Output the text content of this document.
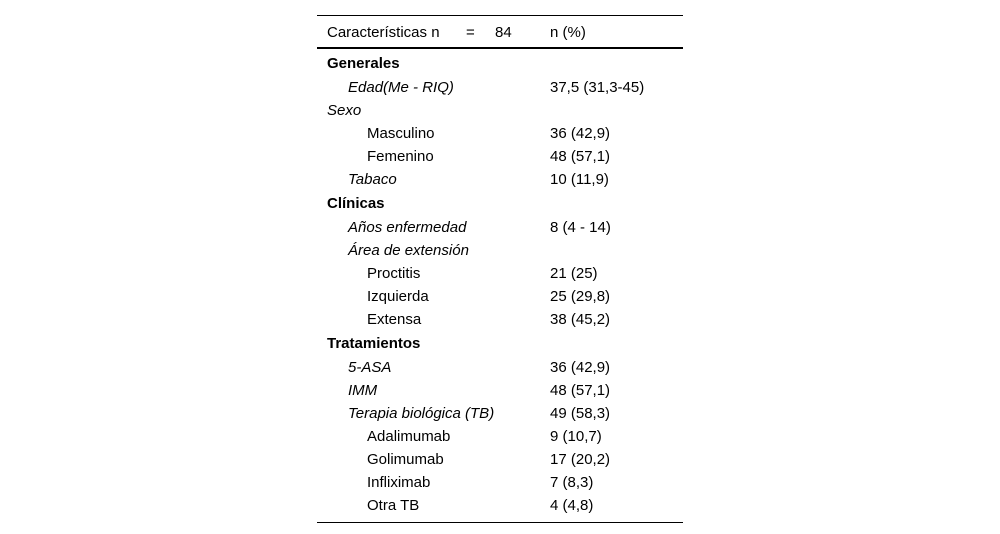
Características n = 84	n (%)
Generales
Edad(Me - RIQ)	37,5 (31,3-45)
Sexo
Masculino	36 (42,9)
Femenino	48 (57,1)
Tabaco	10 (11,9)
Clínicas
Años enfermedad	8 (4 - 14)
Área de extensión
Proctitis	21 (25)
Izquierda	25 (29,8)
Extensa	38 (45,2)
Tratamientos
5-ASA	36 (42,9)
IMM	48 (57,1)
Terapia biológica (TB)	49 (58,3)
Adalimumab	9 (10,7)
Golimumab	17 (20,2)
Infliximab	7 (8,3)
Otra TB	4 (4,8)
